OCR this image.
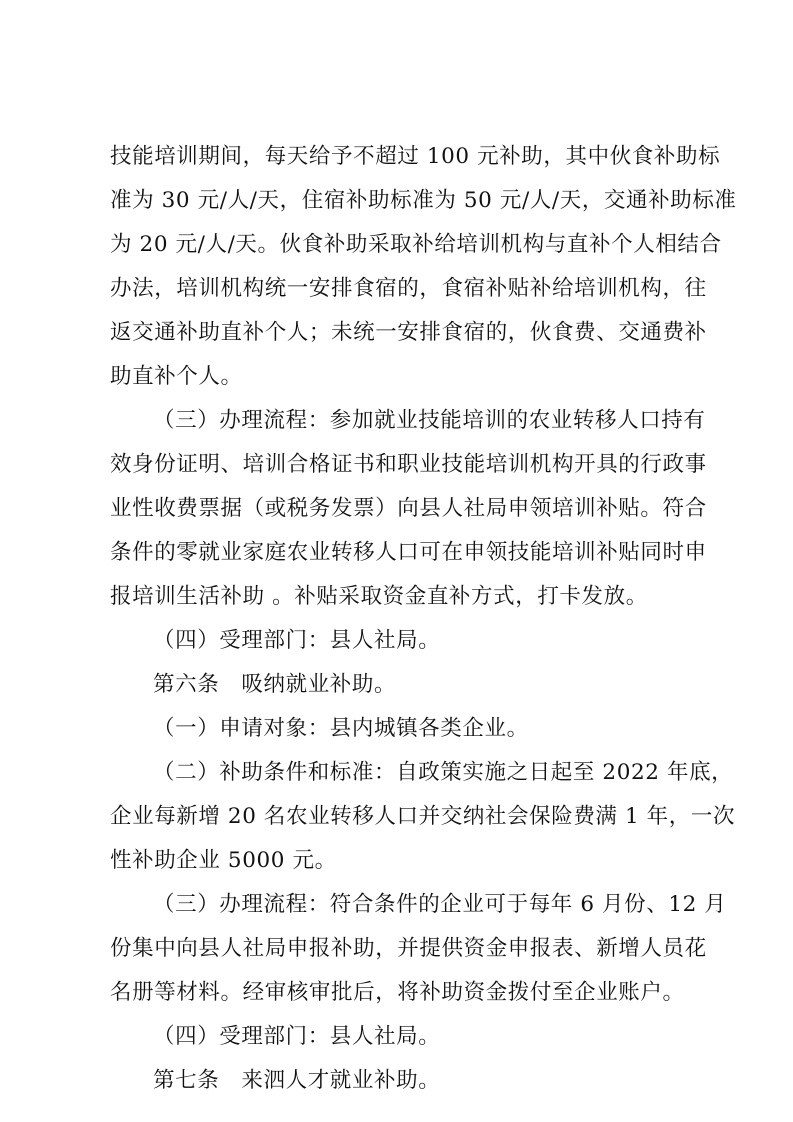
技能培训期间，每天给予不超过 100 元补助，其中伙食补助标
准为 30 元/人/天，住宿补助标准为 50 元/人/天，交通补助标准
为 20 元/人/天。伙食补助采取补给培训机构与直补个人相结合
办法，培训机构统一安排食宿的，食宿补贴补给培训机构，往
返交通补助直补个人；未统一安排食宿的，伙食费、交通费补
助直补个人。
（三）办理流程：参加就业技能培训的农业转移人口持有
效身份证明、培训合格证书和职业技能培训机构开具的行政事
业性收费票据（或税务发票）向县人社局申领培训补贴。符合
条件的零就业家庭农业转移人口可在申领技能培训补贴同时申
报培训生活补助 。补贴采取资金直补方式，打卡发放。
（四）受理部门：县人社局。
第六条　吸纳就业补助。
（一）申请对象：县内城镇各类企业。
（二）补助条件和标准：自政策实施之日起至 2022 年底，
企业每新增 20 名农业转移人口并交纳社会保险费满 1 年，一次
性补助企业 5000 元。
（三）办理流程：符合条件的企业可于每年 6 月份、12 月
份集中向县人社局申报补助，并提供资金申报表、新增人员花
名册等材料。经审核审批后，将补助资金拨付至企业账户。
（四）受理部门：县人社局。
第七条　来泗人才就业补助。
